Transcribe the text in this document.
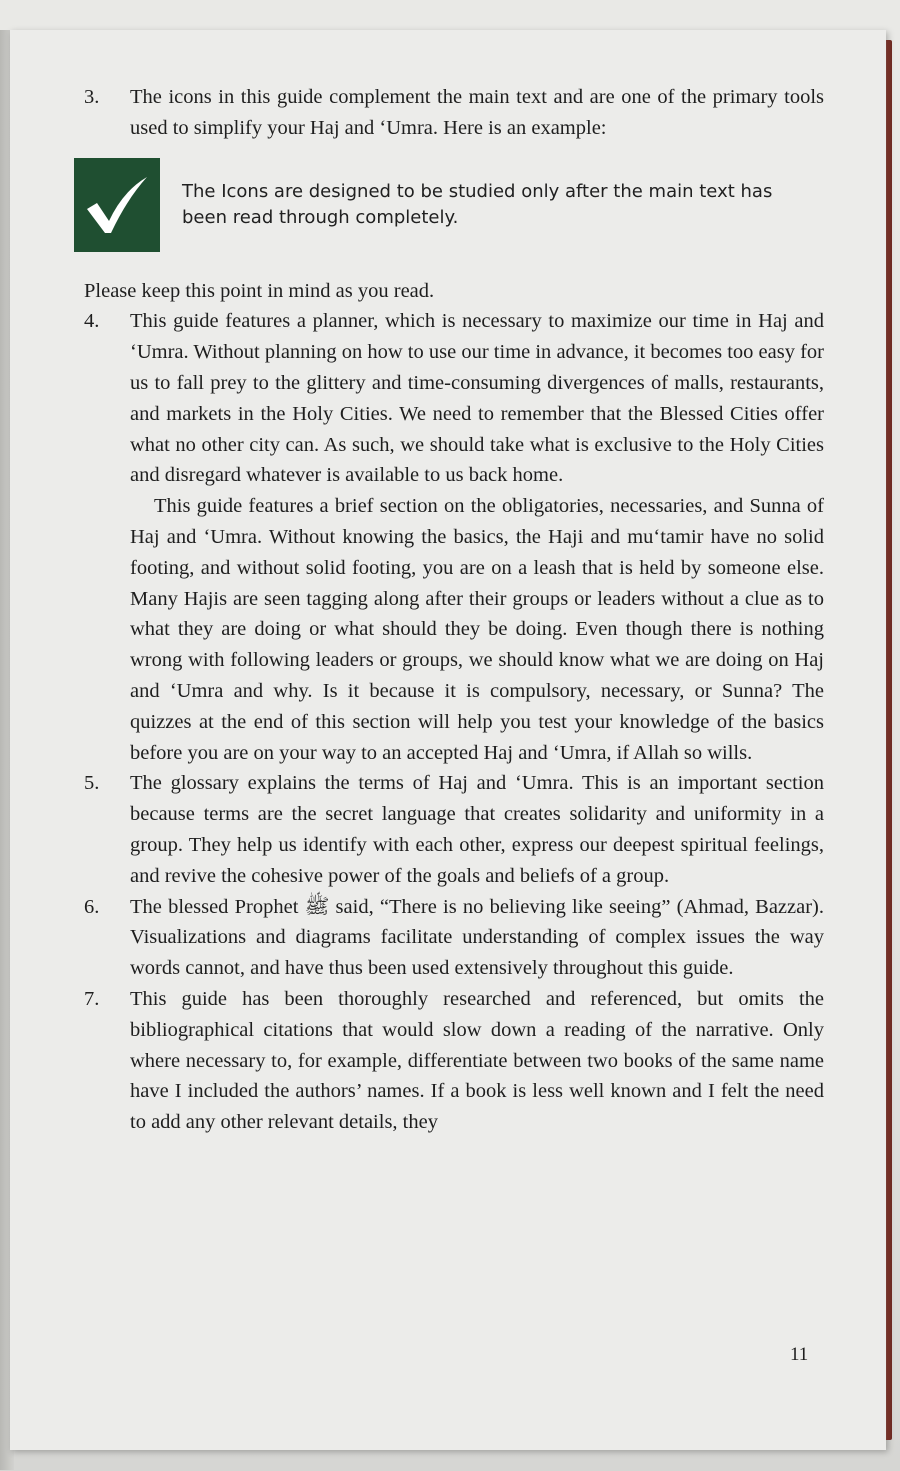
3. The icons in this guide complement the main text and are one of the primary tools used to simplify your Haj and ‘Umra. Here is an example:

The Icons are designed to be studied only after the main text has been read through completely.

Please keep this point in mind as you read.

4. This guide features a planner, which is necessary to maximize our time in Haj and ‘Umra. Without planning on how to use our time in advance, it becomes too easy for us to fall prey to the glittery and time-consuming divergences of malls, restaurants, and markets in the Holy Cities. We need to remember that the Blessed Cities offer what no other city can. As such, we should take what is exclusive to the Holy Cities and disregard whatever is available to us back home.

This guide features a brief section on the obligatories, necessaries, and Sunna of Haj and ‘Umra. Without knowing the basics, the Haji and mu‘tamir have no solid footing, and without solid footing, you are on a leash that is held by someone else. Many Hajis are seen tagging along after their groups or leaders without a clue as to what they are doing or what should they be doing. Even though there is nothing wrong with following leaders or groups, we should know what we are doing on Haj and ‘Umra and why. Is it because it is compulsory, necessary, or Sunna? The quizzes at the end of this section will help you test your knowledge of the basics before you are on your way to an accepted Haj and ‘Umra, if Allah so wills.

5. The glossary explains the terms of Haj and ‘Umra. This is an important section because terms are the secret language that creates solidarity and uniformity in a group. They help us identify with each other, express our deepest spiritual feelings, and revive the cohesive power of the goals and beliefs of a group.

6. The blessed Prophet ﷺ said, “There is no believing like seeing” (Ahmad, Bazzar). Visualizations and diagrams facilitate understanding of complex issues the way words cannot, and have thus been used extensively throughout this guide.

7. This guide has been thoroughly researched and referenced, but omits the bibliographical citations that would slow down a reading of the narrative. Only where necessary to, for example, differentiate between two books of the same name have I included the authors’ names. If a book is less well known and I felt the need to add any other relevant details, they

11
